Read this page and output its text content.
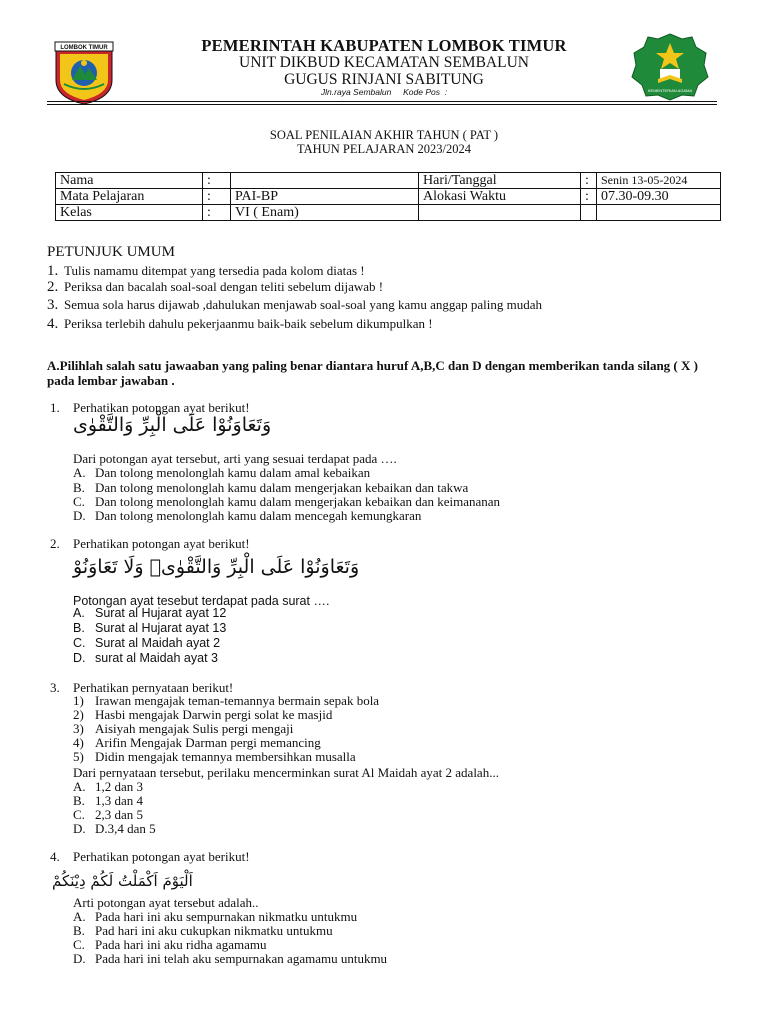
LOMBOK TIMUR
KEMENTERIAN AGAMA
PEMERINTAH KABUPATEN LOMBOK TIMUR
UNIT DIKBUD KECAMATAN SEMBALUN
GUGUS RINJANI SABITUNG
Jln.raya Sembalun     Kode Pos  :
SOAL PENILAIAN AKHIR TAHUN ( PAT )
TAHUN PELAJARAN 2023/2024
Nama	:		Hari/Tanggal	:	Senin 13-05-2024
Mata Pelajaran	:	PAI-BP	Alokasi Waktu	:	07.30-09.30
Kelas	:	VI ( Enam)			
PETUNJUK UMUM
1. Tulis namamu ditempat yang tersedia pada kolom diatas !
2. Periksa dan bacalah soal-soal dengan teliti sebelum dijawab !
3. Semua sola harus dijawab ,dahulukan menjawab soal-soal yang kamu anggap paling mudah
4. Periksa terlebih dahulu pekerjaanmu baik-baik sebelum dikumpulkan !
A.Pilihlah salah satu jawaaban yang paling benar diantara huruf A,B,C dan D dengan memberikan tanda silang ( X ) pada lembar jawaban .
1. Perhatikan potongan ayat berikut!
وَتَعَاوَنُوْا عَلَى الْبِرِّ وَالتَّقْوٰى
Dari potongan ayat tersebut, arti yang sesuai terdapat pada ….
A. Dan tolong menolonglah kamu dalam amal kebaikan
B. Dan tolong menolonglah kamu dalam mengerjakan kebaikan dan takwa
C. Dan tolong menolonglah kamu dalam mengerjakan kebaikan dan keimananan
D. Dan tolong menolonglah kamu dalam mencegah kemungkaran
2. Perhatikan potongan ayat berikut!
وَتَعَاوَنُوْا عَلَى الْبِرِّ وَالتَّقْوٰىۖ وَلَا تَعَاوَنُوْ
Potongan ayat tesebut terdapat pada surat ….
A. Surat al Hujarat ayat 12
B. Surat al Hujarat ayat 13
C. Surat al Maidah ayat 2
D. surat al Maidah ayat 3
3. Perhatikan pernyataan berikut!
1) Irawan mengajak teman-temannya bermain sepak bola
2) Hasbi mengajak Darwin pergi solat ke masjid
3) Aisiyah mengajak Sulis pergi mengaji
4) Arifin Mengajak Darman pergi memancing
5) Didin mengajak temannya membersihkan musalla
Dari pernyataan tersebut, perilaku mencerminkan surat Al Maidah ayat 2 adalah...
A. 1,2 dan 3
B. 1,3 dan 4
C. 2,3 dan 5
D. D.3,4 dan 5
4. Perhatikan potongan ayat berikut!
اَلْيَوْمَ اَكْمَلْتُ لَكُمْ دِيْنَكُمْ
Arti potongan ayat tersebut adalah..
A. Pada hari ini aku sempurnakan nikmatku untukmu
B. Pad hari ini aku cukupkan nikmatku untukmu
C. Pada hari ini aku ridha agamamu
D. Pada hari ini telah aku sempurnakan agamamu untukmu
